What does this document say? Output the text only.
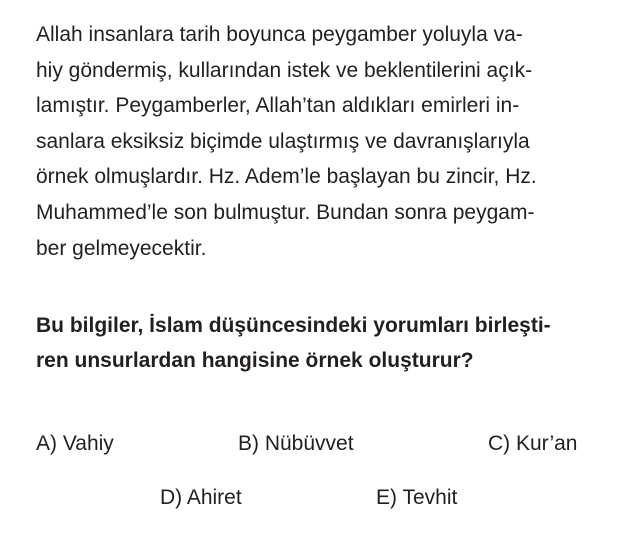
Allah insanlara tarih boyunca peygamber yoluyla va-
hiy göndermiş, kullarından istek ve beklentilerini açık-
lamıştır. Peygamberler, Allah’tan aldıkları emirleri in-
sanlara eksiksiz biçimde ulaştırmış ve davranışlarıyla
örnek olmuşlardır. Hz. Adem’le başlayan bu zincir, Hz.
Muhammed’le son bulmuştur. Bundan sonra peygam-
ber gelmeyecektir.
Bu bilgiler, İslam düşüncesindeki yorumları birleşti-
ren unsurlardan hangisine örnek oluşturur?
A) Vahiy	B) Nübüvvet	C) Kur’an
D) Ahiret	E) Tevhit
